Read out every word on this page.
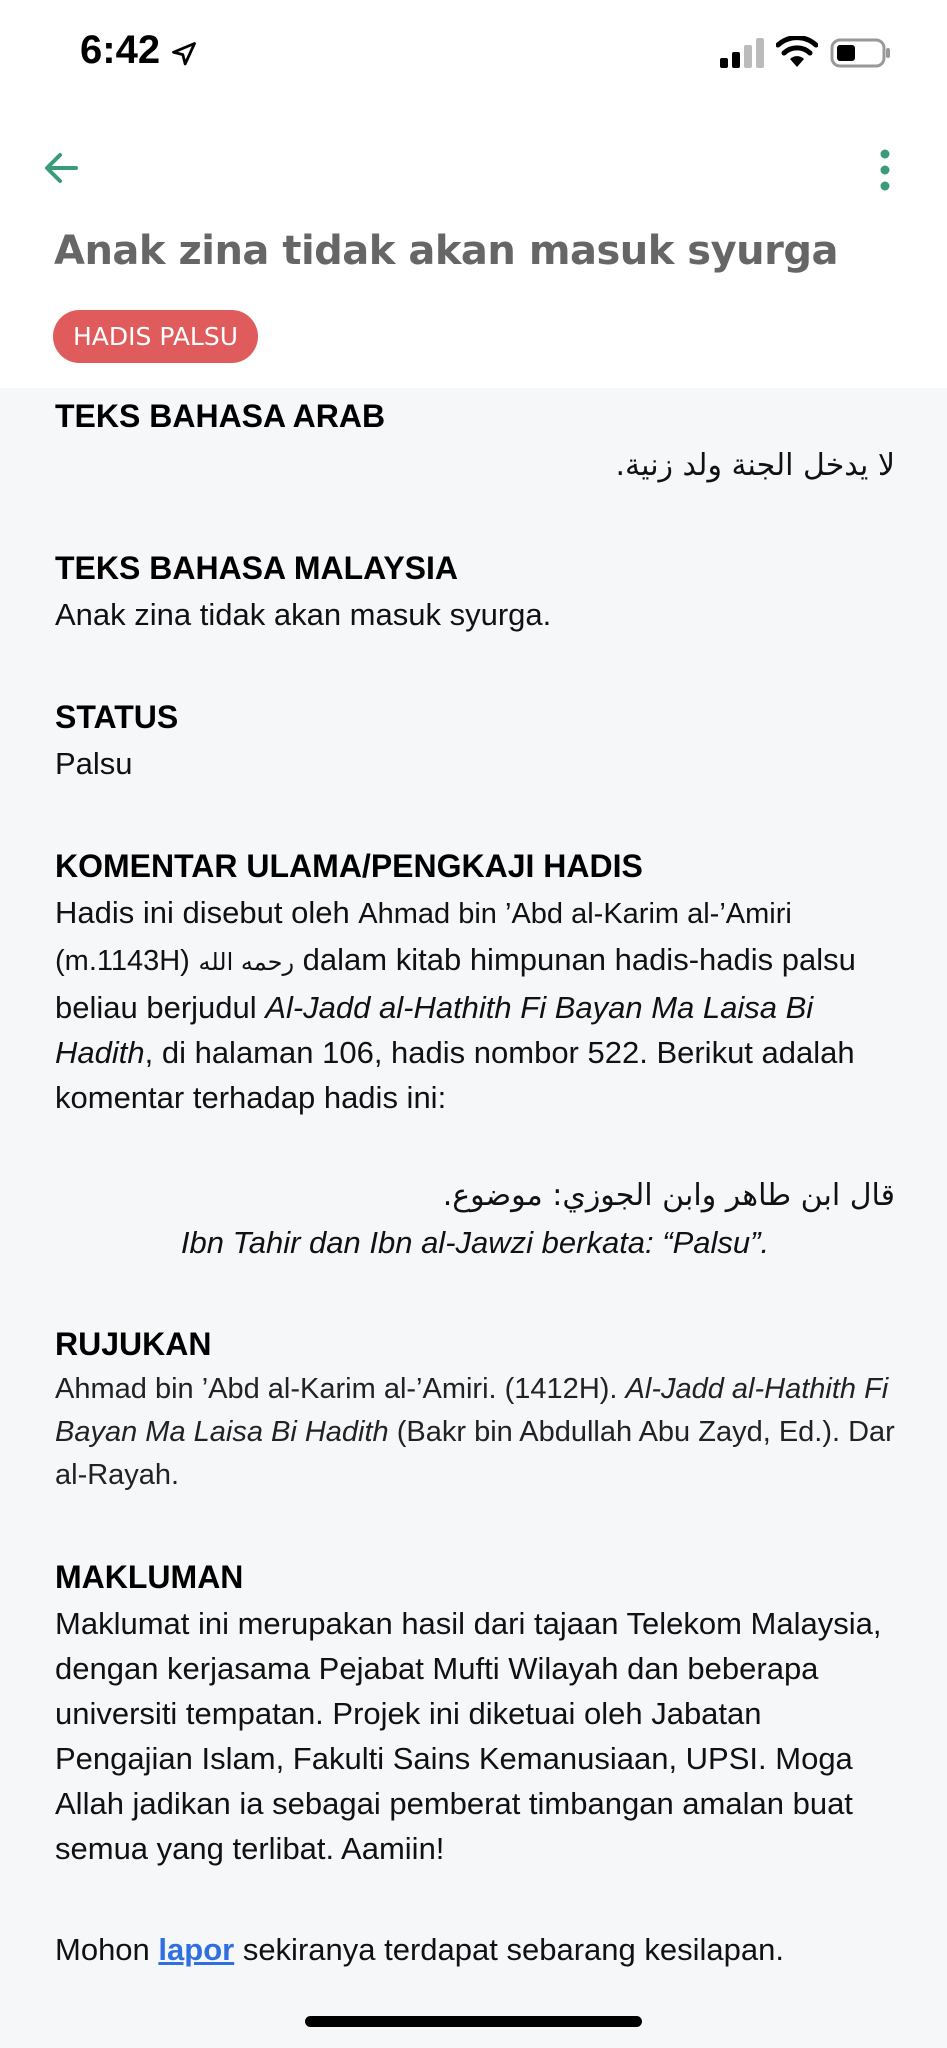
6:42
Anak zina tidak akan masuk syurga
HADIS PALSU
TEKS BAHASA ARAB
لا يدخل الجنة ولد زنية.
TEKS BAHASA MALAYSIA
Anak zina tidak akan masuk syurga.
STATUS
Palsu
KOMENTAR ULAMA/PENGKAJI HADIS
Hadis ini disebut oleh Ahmad bin ’Abd al-Karim al-’Amiri (m.1143H) رحمه الله dalam kitab himpunan hadis-hadis palsu beliau berjudul Al-Jadd al-Hathith Fi Bayan Ma Laisa Bi Hadith, di halaman 106, hadis nombor 522. Berikut adalah komentar terhadap hadis ini:
قال ابن طاهر وابن الجوزي: موضوع.
Ibn Tahir dan Ibn al-Jawzi berkata: “Palsu”.
RUJUKAN
Ahmad bin ’Abd al-Karim al-’Amiri. (1412H). Al-Jadd al-Hathith Fi Bayan Ma Laisa Bi Hadith (Bakr bin Abdullah Abu Zayd, Ed.). Dar al-Rayah.
MAKLUMAN
Maklumat ini merupakan hasil dari tajaan Telekom Malaysia, dengan kerjasama Pejabat Mufti Wilayah dan beberapa universiti tempatan. Projek ini diketuai oleh Jabatan Pengajian Islam, Fakulti Sains Kemanusiaan, UPSI. Moga Allah jadikan ia sebagai pemberat timbangan amalan buat semua yang terlibat. Aamiin!
Mohon lapor sekiranya terdapat sebarang kesilapan.
